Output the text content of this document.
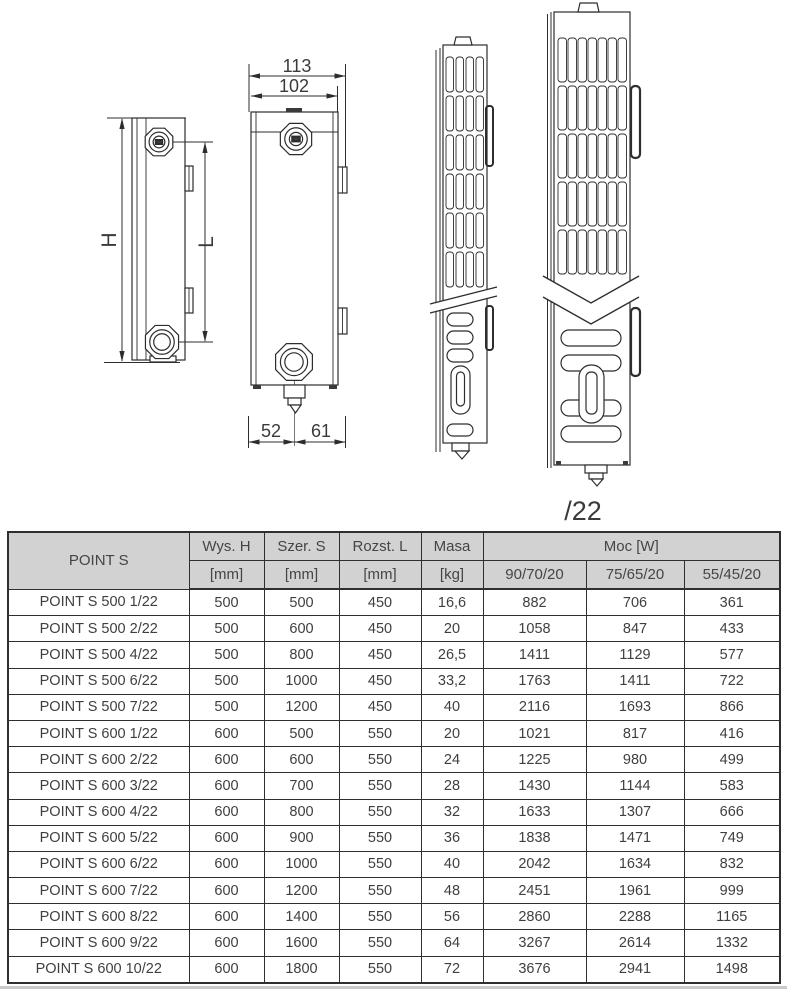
H	L
113
102
52 61
/22
POINT S	Wys. H	Szer. S	Rozst. L	Masa	Moc [W]		
	[mm]	[mm]	[mm]	[kg]	90/70/20	75/65/20	55/45/20
POINT S 500 1/22	500	500	450	16,6	882	706	361
POINT S 500 2/22	500	600	450	20	1058	847	433
POINT S 500 4/22	500	800	450	26,5	1411	1129	577
POINT S 500 6/22	500	1000	450	33,2	1763	1411	722
POINT S 500 7/22	500	1200	450	40	2116	1693	866
POINT S 600 1/22	600	500	550	20	1021	817	416
POINT S 600 2/22	600	600	550	24	1225	980	499
POINT S 600 3/22	600	700	550	28	1430	1144	583
POINT S 600 4/22	600	800	550	32	1633	1307	666
POINT S 600 5/22	600	900	550	36	1838	1471	749
POINT S 600 6/22	600	1000	550	40	2042	1634	832
POINT S 600 7/22	600	1200	550	48	2451	1961	999
POINT S 600 8/22	600	1400	550	56	2860	2288	1165
POINT S 600 9/22	600	1600	550	64	3267	2614	1332
POINT S 600 10/22	600	1800	550	72	3676	2941	1498
